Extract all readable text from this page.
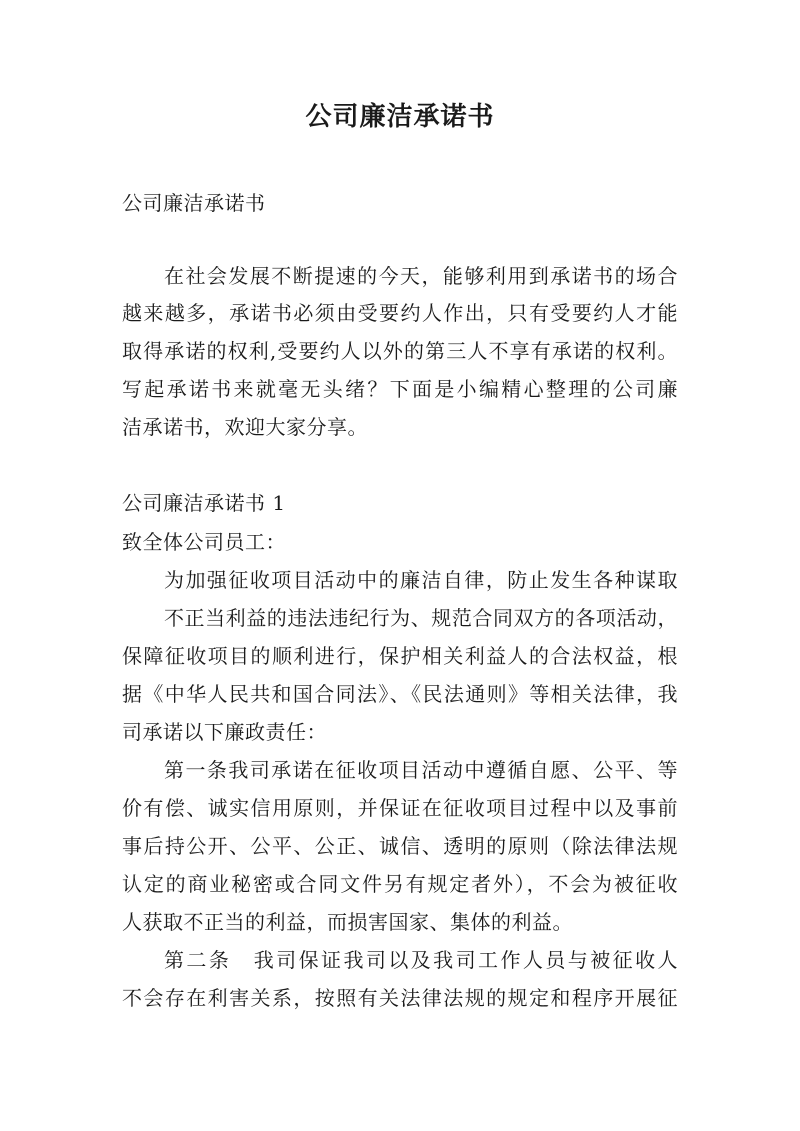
公司廉洁承诺书
公司廉洁承诺书
在社会发展不断提速的今天，能够利用到承诺书的场合
越来越多，承诺书必须由受要约人作出，只有受要约人才能
取得承诺的权利,受要约人以外的第三人不享有承诺的权利。
写起承诺书来就毫无头绪？下面是小编精心整理的公司廉
洁承诺书，欢迎大家分享。
公司廉洁承诺书 1
致全体公司员工：
为加强征收项目活动中的廉洁自律，防止发生各种谋取
不正当利益的违法违纪行为、规范合同双方的各项活动，
保障征收项目的顺利进行，保护相关利益人的合法权益，根
据《中华人民共和国合同法》、《民法通则》等相关法律，我
司承诺以下廉政责任：
第一条我司承诺在征收项目活动中遵循自愿、公平、等
价有偿、诚实信用原则，并保证在征收项目过程中以及事前
事后持公开、公平、公正、诚信、透明的原则（除法律法规
认定的商业秘密或合同文件另有规定者外），不会为被征收
人获取不正当的利益，而损害国家、集体的利益。
第二条　我司保证我司以及我司工作人员与被征收人
不会存在利害关系，按照有关法律法规的规定和程序开展征
